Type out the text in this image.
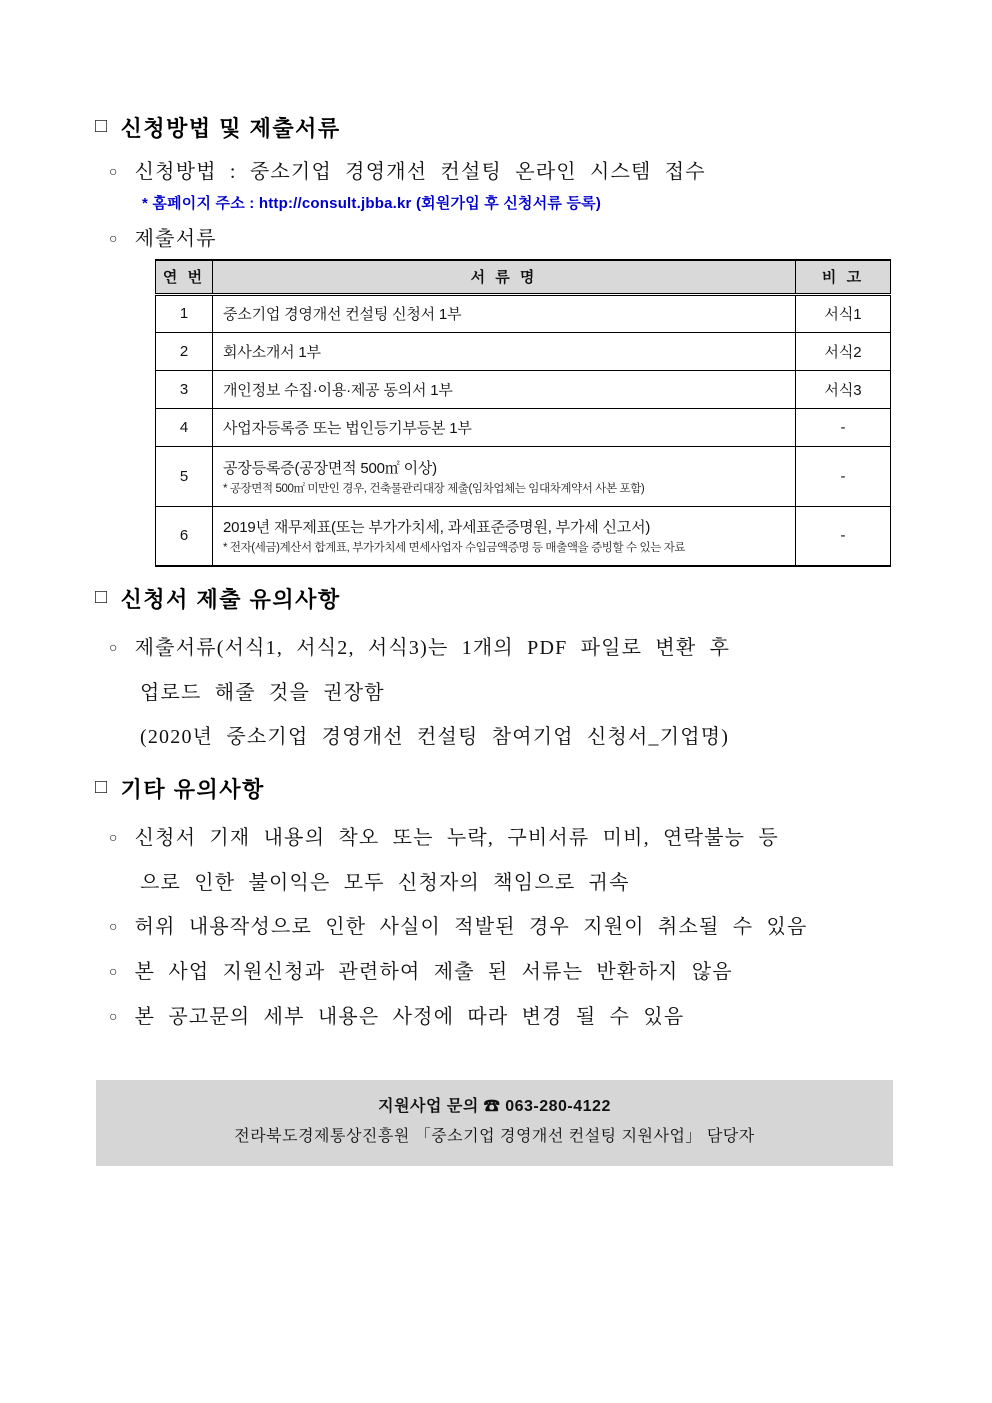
□ 신청방법 및 제출서류
○ 신청방법 : 중소기업 경영개선 컨설팅 온라인 시스템 접수
* 홈페이지 주소 : http://consult.jbba.kr (회원가입 후 신청서류 등록)
○ 제출서류
연 번	서 류 명	비 고
1	중소기업 경영개선 컨설팅 신청서 1부	서식1
2	회사소개서 1부	서식2
3	개인정보 수집·이용·제공 동의서 1부	서식3
4	사업자등록증 또는 법인등기부등본 1부	-
5	공장등록증(공장면적 500㎡ 이상)
* 공장면적 500㎡ 미만인 경우, 건축물관리대장 제출(임차업체는 임대차계약서 사본 포함)	-
6	2019년 재무제표(또는 부가가치세, 과세표준증명원, 부가세 신고서)
* 전자(세금)계산서 합계표, 부가가치세 면세사업자 수입금액증명 등 매출액을 증빙할 수 있는 자료	-
□ 신청서 제출 유의사항
○ 제출서류(서식1, 서식2, 서식3)는 1개의 PDF 파일로 변환 후
업로드 해줄 것을 권장함
(2020년 중소기업 경영개선 컨설팅 참여기업 신청서_기업명)
□ 기타 유의사항
○ 신청서 기재 내용의 착오 또는 누락, 구비서류 미비, 연락불능 등
으로 인한 불이익은 모두 신청자의 책임으로 귀속
○ 허위 내용작성으로 인한 사실이 적발된 경우 지원이 취소될 수 있음
○ 본 사업 지원신청과 관련하여 제출 된 서류는 반환하지 않음
○ 본 공고문의 세부 내용은 사정에 따라 변경 될 수 있음
지원사업 문의 ☎ 063-280-4122
전라북도경제통상진흥원 「중소기업 경영개선 컨설팅 지원사업」 담당자
